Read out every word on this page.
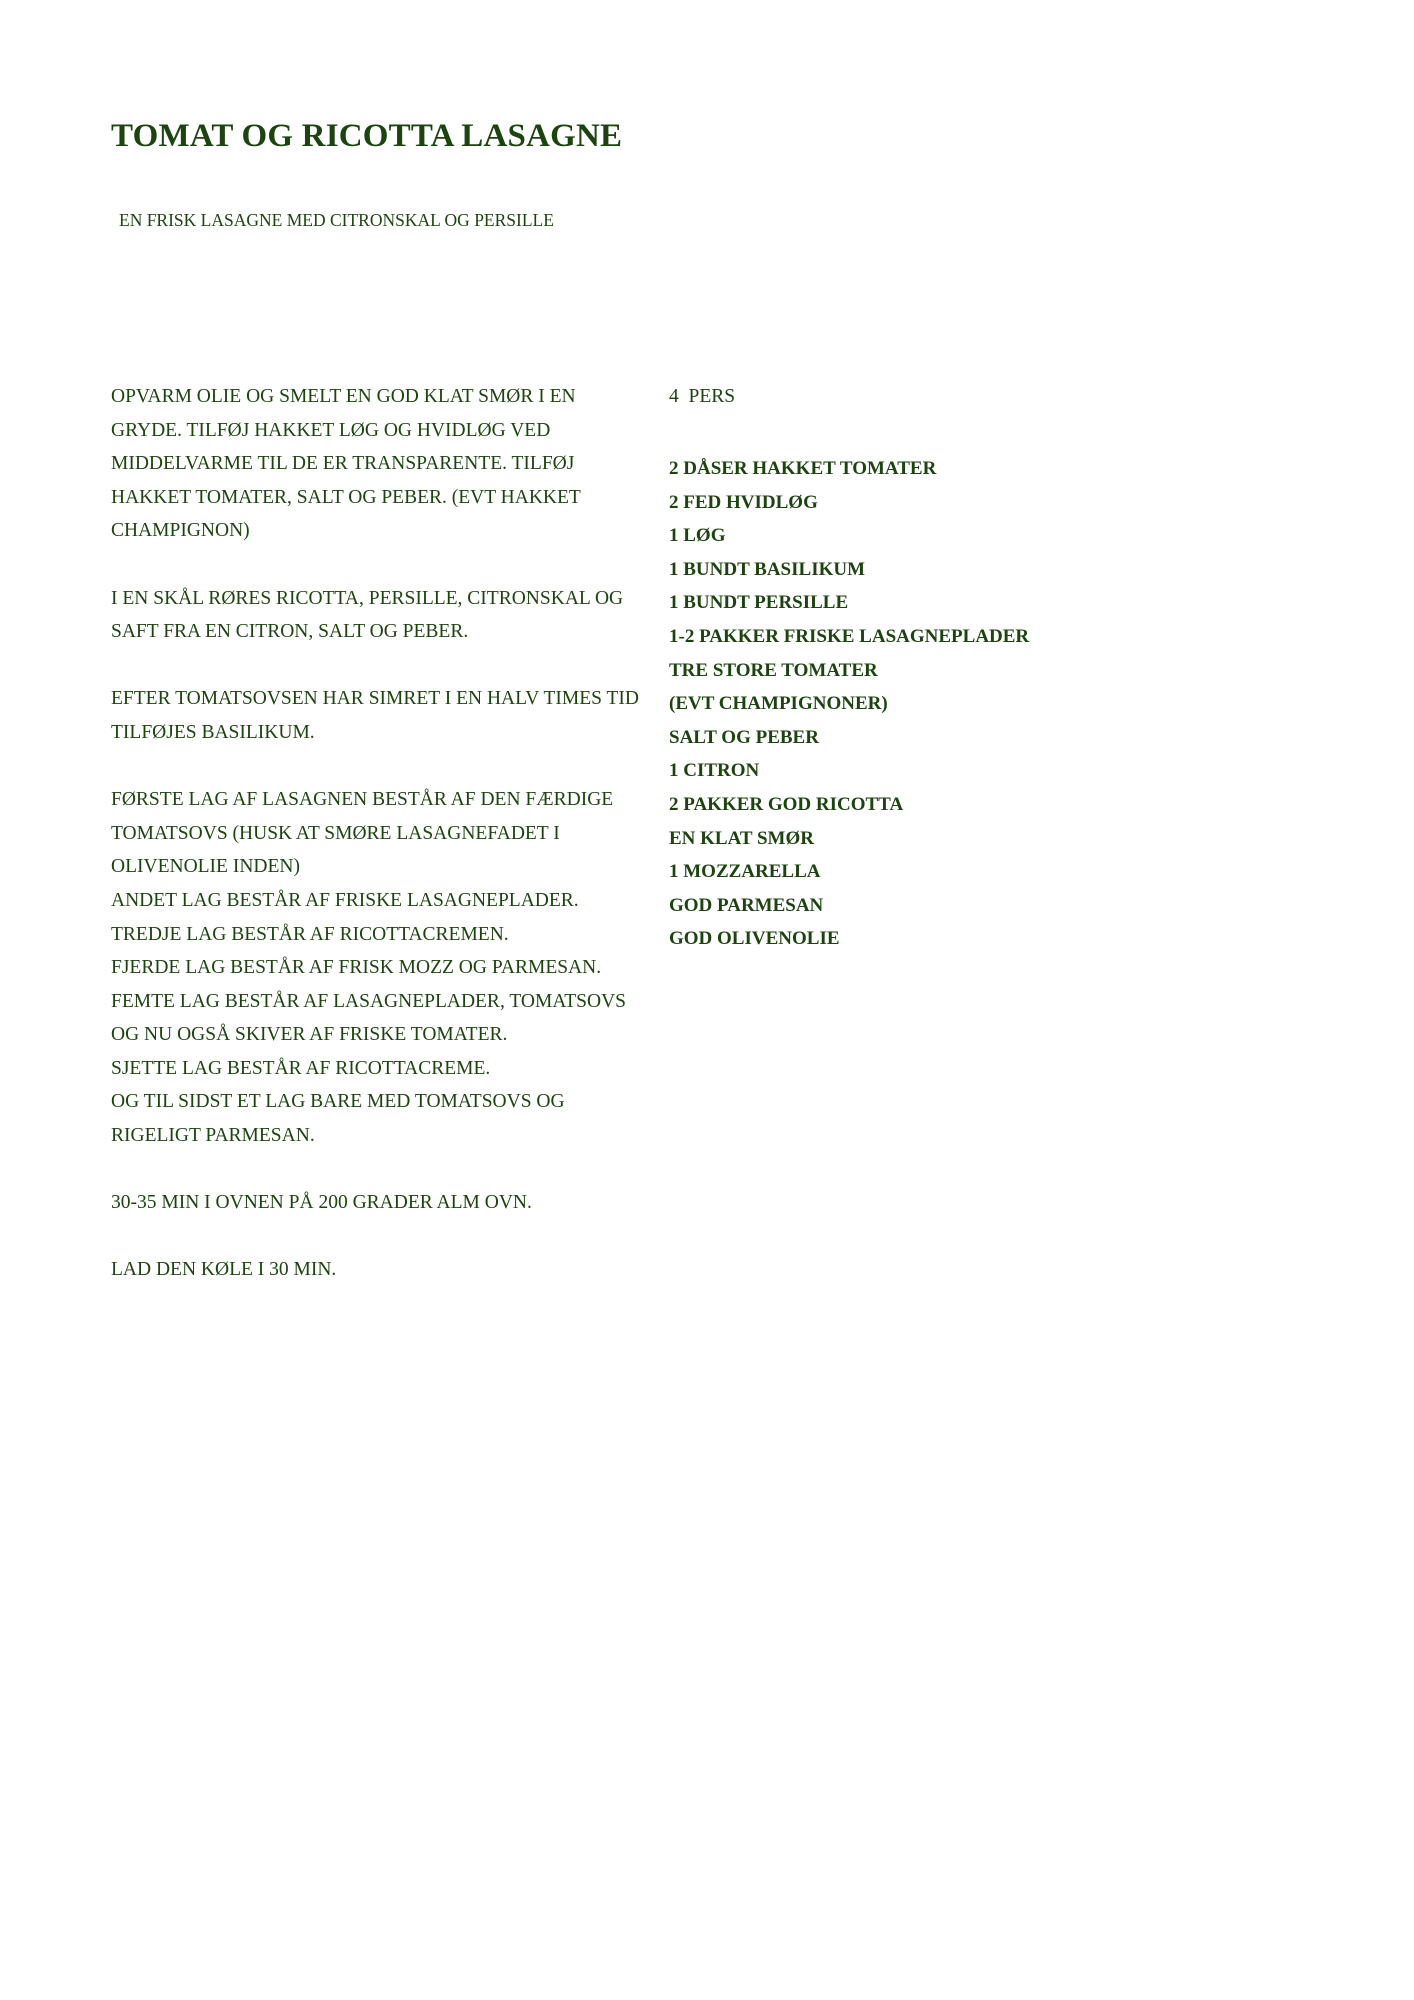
TOMAT OG RICOTTA LASAGNE

EN FRISK LASAGNE MED CITRONSKAL OG PERSILLE

OPVARM OLIE OG SMELT EN GOD KLAT SMØR I EN GRYDE. TILFØJ HAKKET LØG OG HVIDLØG VED MIDDELVARME TIL DE ER TRANSPARENTE. TILFØJ HAKKET TOMATER, SALT OG PEBER. (EVT HAKKET CHAMPIGNON)

I EN SKÅL RØRES RICOTTA, PERSILLE, CITRONSKAL OG SAFT FRA EN CITRON, SALT OG PEBER.

EFTER TOMATSOVSEN HAR SIMRET I EN HALV TIMES TID TILFØJES BASILIKUM.

FØRSTE LAG AF LASAGNEN BESTÅR AF DEN FÆRDIGE TOMATSOVS (HUSK AT SMØRE LASAGNEFADET I OLIVENOLIE INDEN)
ANDET LAG BESTÅR AF FRISKE LASAGNEPLADER.
TREDJE LAG BESTÅR AF RICOTTACREMEN.
FJERDE LAG BESTÅR AF FRISK MOZZ OG PARMESAN.
FEMTE LAG BESTÅR AF LASAGNEPLADER, TOMATSOVS OG NU OGSÅ SKIVER AF FRISKE TOMATER.
SJETTE LAG BESTÅR AF RICOTTACREME.
OG TIL SIDST ET LAG BARE MED TOMATSOVS OG RIGELIGT PARMESAN.

30-35 MIN I OVNEN PÅ 200 GRADER ALM OVN.

LAD DEN KØLE I 30 MIN.

4  PERS
2 DÅSER HAKKET TOMATER
2 FED HVIDLØG
1 LØG
1 BUNDT BASILIKUM
1 BUNDT PERSILLE
1-2 PAKKER FRISKE LASAGNEPLADER
TRE STORE TOMATER
(EVT CHAMPIGNONER)
SALT OG PEBER
1 CITRON
2 PAKKER GOD RICOTTA
EN KLAT SMØR
1 MOZZARELLA
GOD PARMESAN
GOD OLIVENOLIE
